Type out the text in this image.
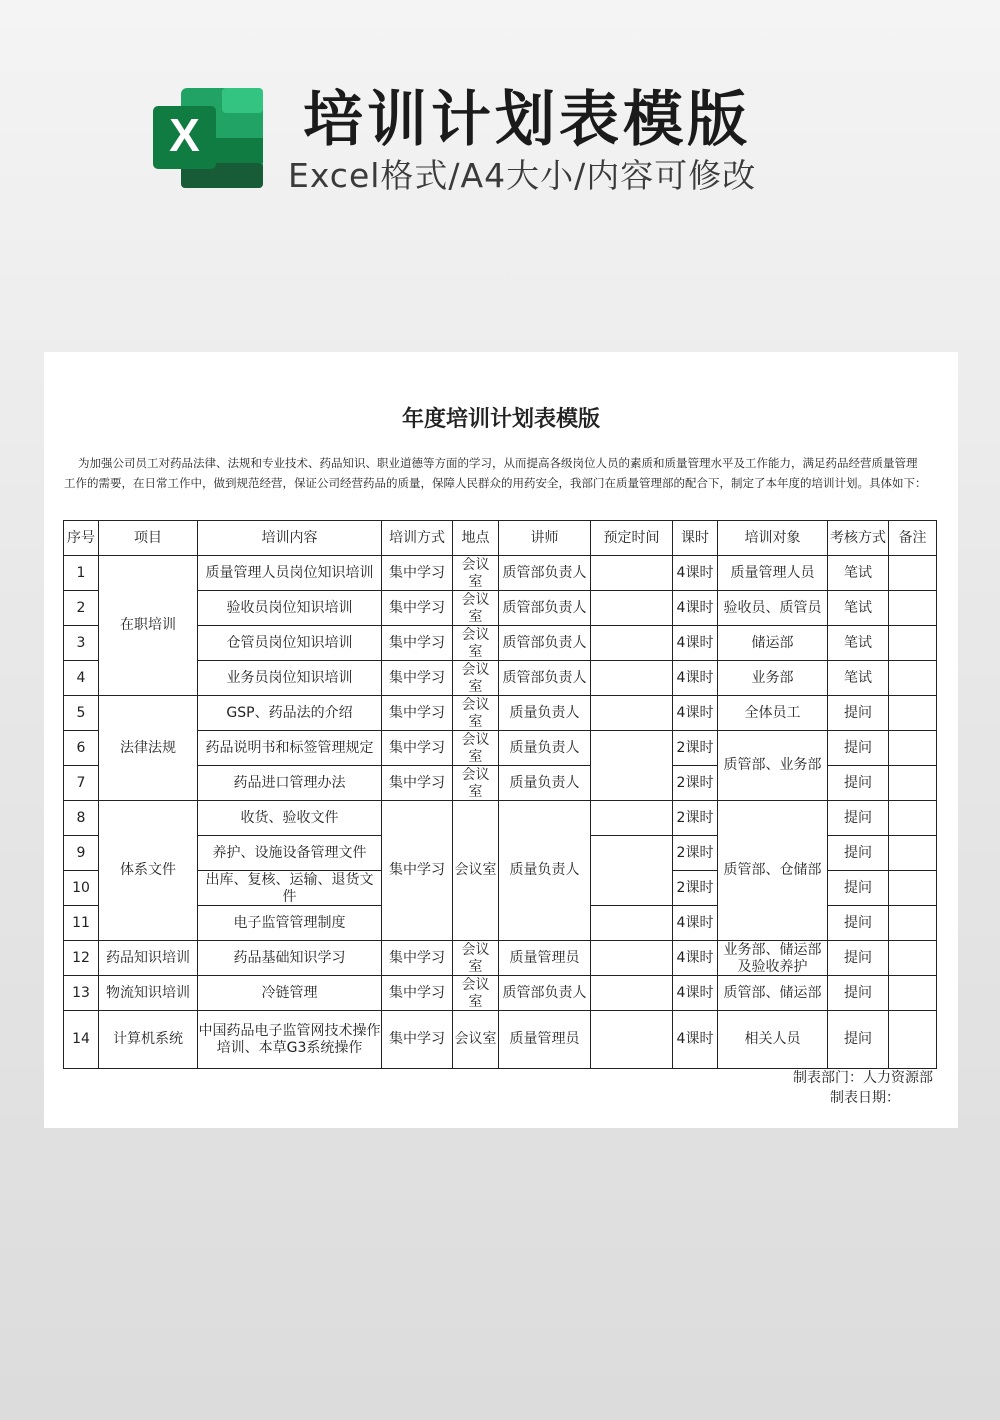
X 培训计划表模版
Excel格式/A4大小/内容可修改
年度培训计划表模版
为加强公司员工对药品法律、法规和专业技术、药品知识、职业道德等方面的学习，从而提高各级岗位人员的素质和质量管理水平及工作能力，满足药品经营质量管理工作的需要，在日常工作中，做到规范经营，保证公司经营药品的质量，保障人民群众的用药安全，我部门在质量管理部的配合下，制定了本年度的培训计划。具体如下：
序号	项目	培训内容	培训方式	地点	讲师	预定时间	课时	培训对象	考核方式	备注
1	在职培训	质量管理人员岗位知识培训	集中学习	会议室	质管部负责人		4课时	质量管理人员	笔试	
2		验收员岗位知识培训	集中学习	会议室	质管部负责人		4课时	验收员、质管员	笔试	
3		仓管员岗位知识培训	集中学习	会议室	质管部负责人		4课时	储运部	笔试	
4		业务员岗位知识培训	集中学习	会议室	质管部负责人		4课时	业务部	笔试	
5	法律法规	GSP、药品法的介绍	集中学习	会议室	质量负责人		4课时	全体员工	提问	
6		药品说明书和标签管理规定	集中学习	会议室	质量负责人		2课时	质管部、业务部	提问	
7		药品进口管理办法	集中学习	会议室	质量负责人		2课时		提问	
8	体系文件	收货、验收文件	集中学习	会议室	质量负责人		2课时	质管部、仓储部	提问	
9		养护、设施设备管理文件					2课时		提问	
10		出库、复核、运输、退货文件					2课时		提问	
11		电子监管管理制度					4课时		提问	
12	药品知识培训	药品基础知识学习	集中学习	会议室	质量管理员		4课时	业务部、储运部及验收养护	提问	
13	物流知识培训	冷链管理	集中学习	会议室	质管部负责人		4课时	质管部、储运部	提问	
14	计算机系统	中国药品电子监管网技术操作培训、本草G3系统操作	集中学习	会议室	质量管理员		4课时	相关人员	提问	
制表部门：人力资源部
制表日期：
